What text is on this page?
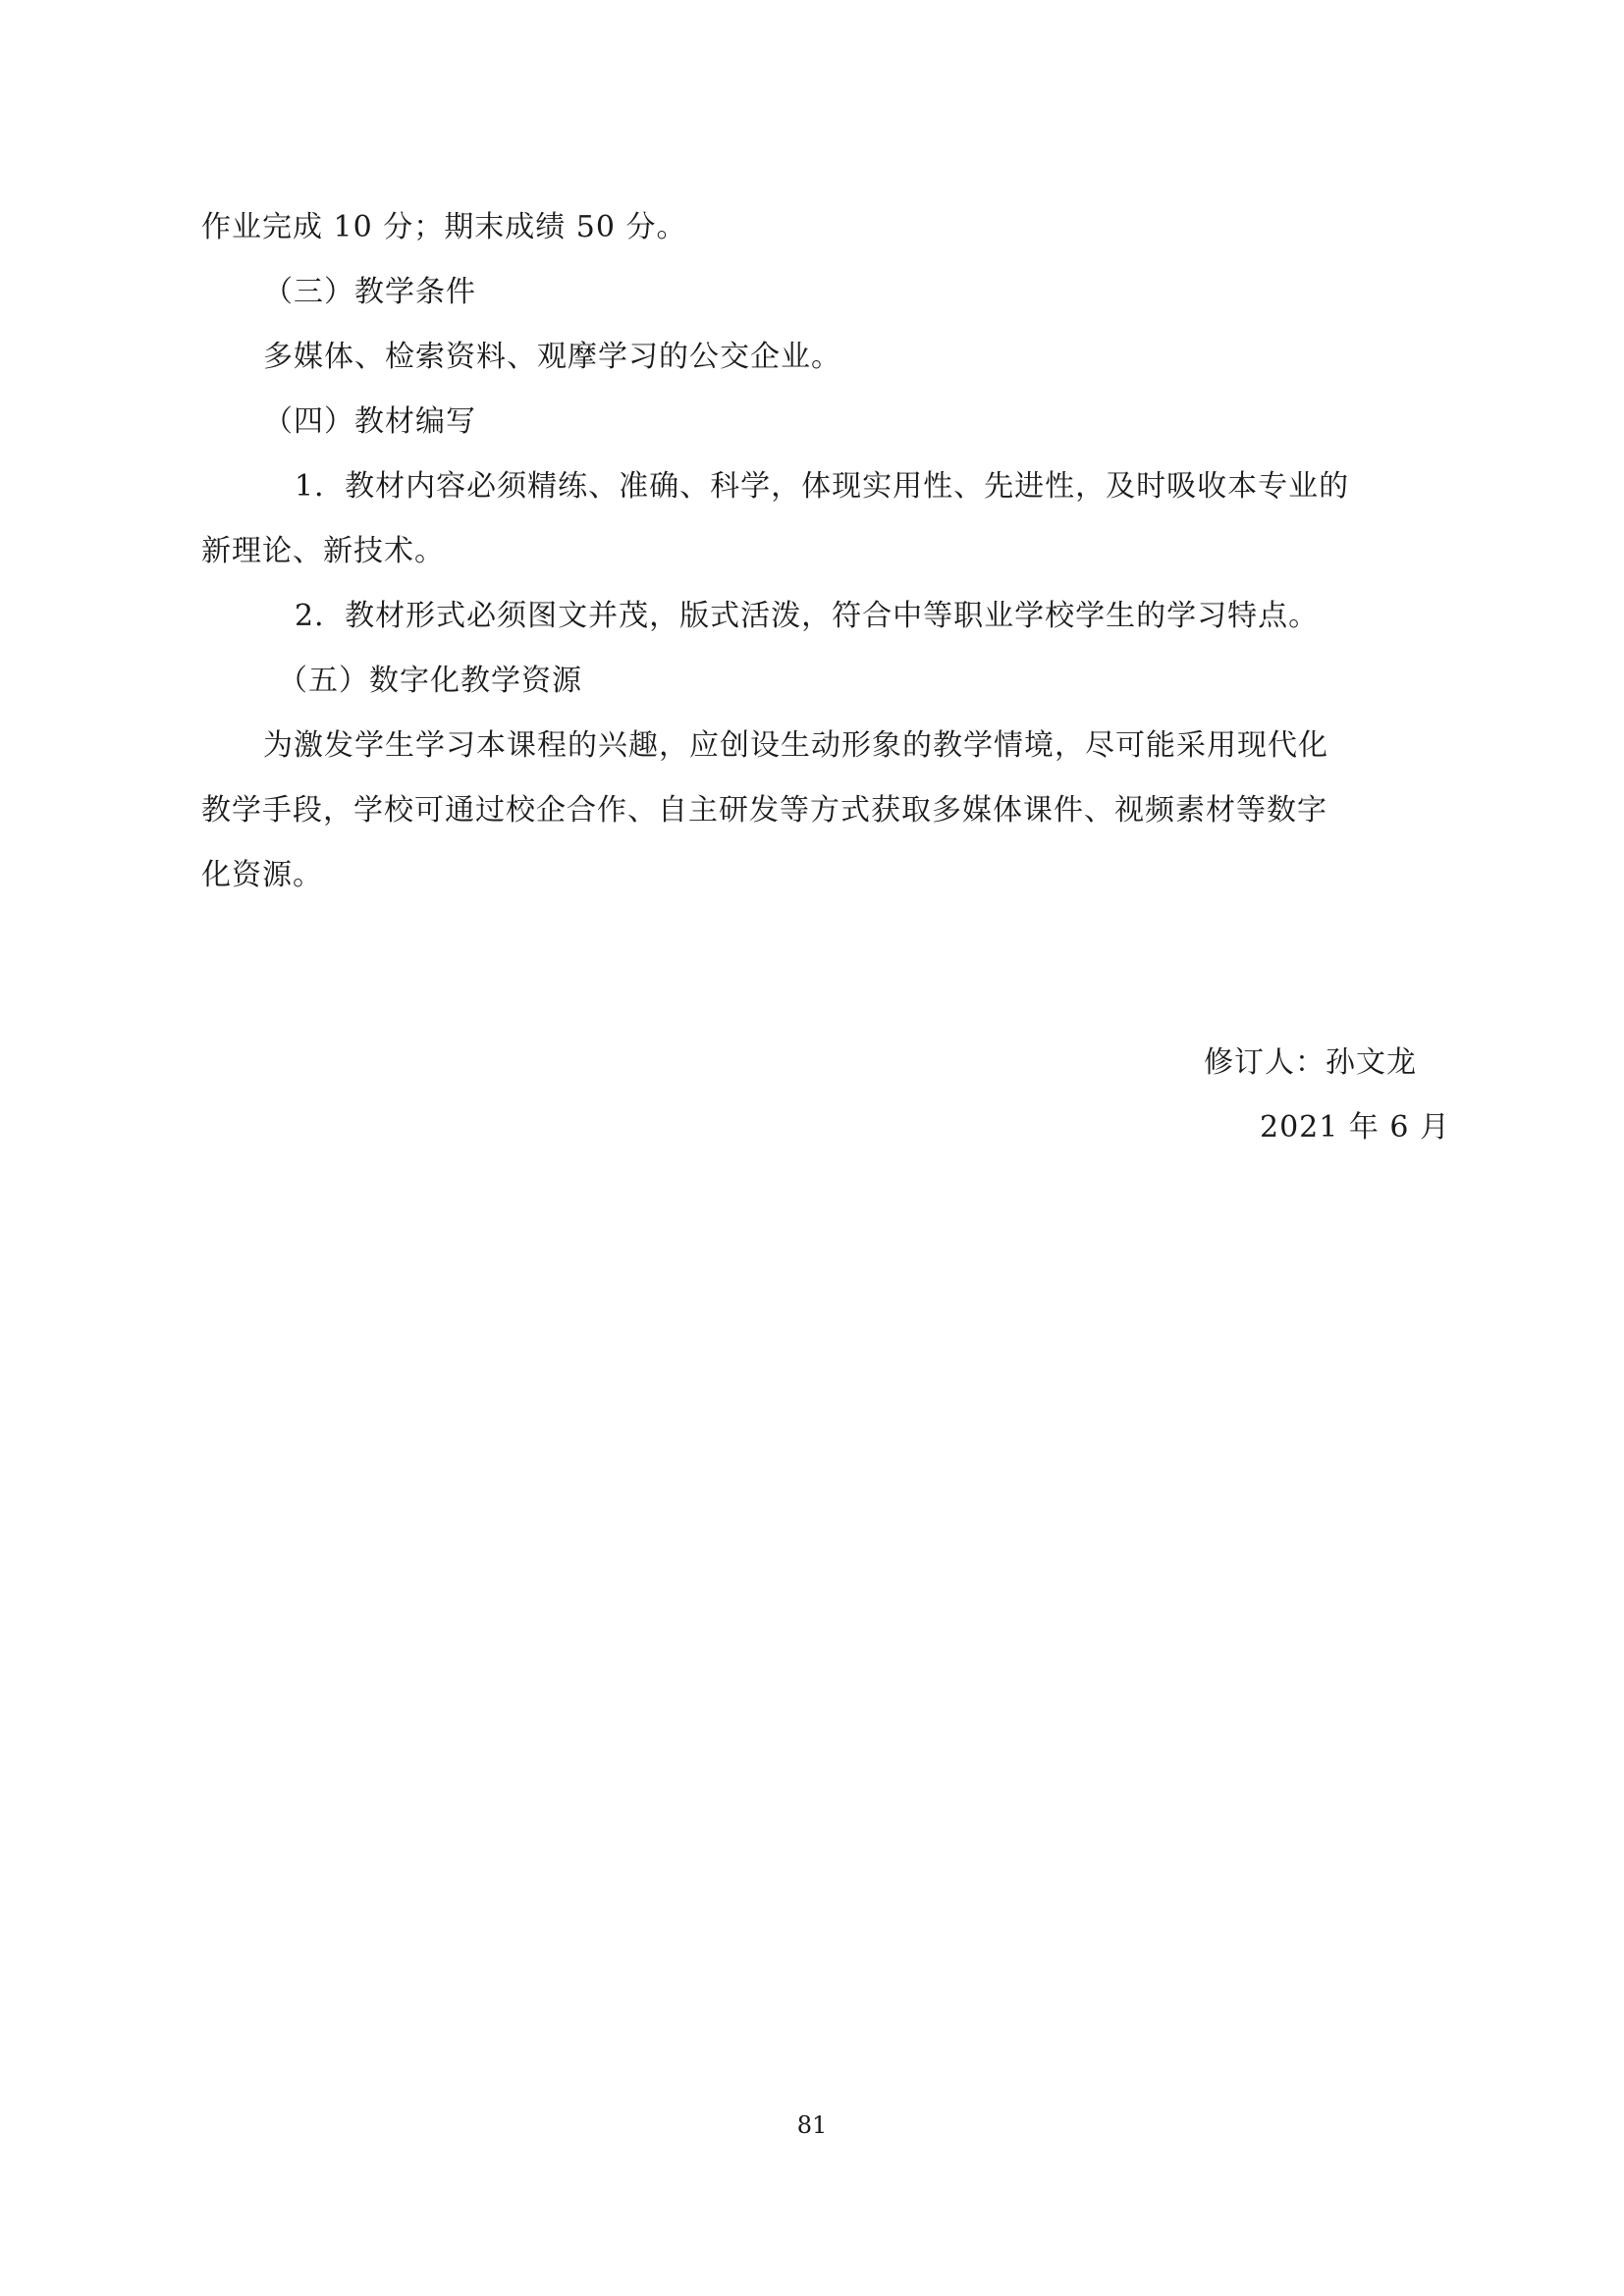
作业完成 10 分；期末成绩 50 分。
（三）教学条件
多媒体、检索资料、观摩学习的公交企业。
（四）教材编写
1．教材内容必须精练、准确、科学，体现实用性、先进性，及时吸收本专业的
新理论、新技术。
2．教材形式必须图文并茂，版式活泼，符合中等职业学校学生的学习特点。
（五）数字化教学资源
为激发学生学习本课程的兴趣，应创设生动形象的教学情境，尽可能采用现代化
教学手段，学校可通过校企合作、自主研发等方式获取多媒体课件、视频素材等数字
化资源。
修订人：孙文龙
2021 年 6 月
81
